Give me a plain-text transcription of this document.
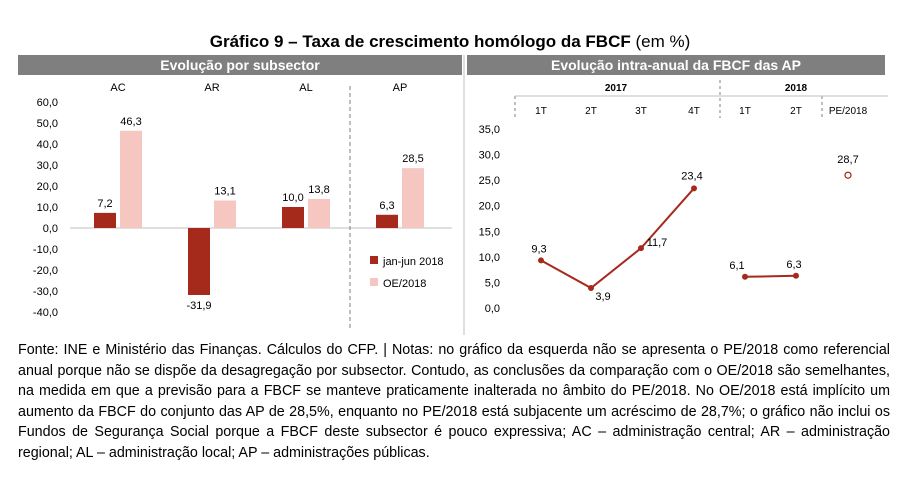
Gráfico 9 – Taxa de crescimento homólogo da FBCF (em %)
Evolução por subsector	Evolução intra-anual da FBCF das AP
60,0
50,0
40,0
30,0
20,0
10,0
0,0
-10,0
-20,0
-30,0
-40,0
AC	AR	AL	AP
7,2
-31,9
10,0
6,3
46,3
13,1	13,8
28,5
jan-jun 2018
OE/2018
35,0
30,0
25,0
20,0
15,0
10,0
5,0
0,0
2017	2018
1T	2T	3T	4T	1T	2T	PE/2018
9,3
3,9
11,7
23,4
6,1	6,3
28,7
Fonte: INE e Ministério das Finanças. Cálculos do CFP. | Notas: no gráfico da esquerda não se apresenta o PE/2018 como referencial anual porque não se dispõe da desagregação por subsector. Contudo, as conclusões da comparação com o OE/2018 são semelhantes, na medida em que a previsão para a FBCF se manteve praticamente inalterada no âmbito do PE/2018. No OE/2018 está implícito um aumento da FBCF do conjunto das AP de 28,5%, enquanto no PE/2018 está subjacente um acréscimo de 28,7%; o gráfico não inclui os Fundos de Segurança Social porque a FBCF deste subsector é pouco expressiva; AC – administração central; AR – administração regional; AL – administração local; AP – administrações públicas.
